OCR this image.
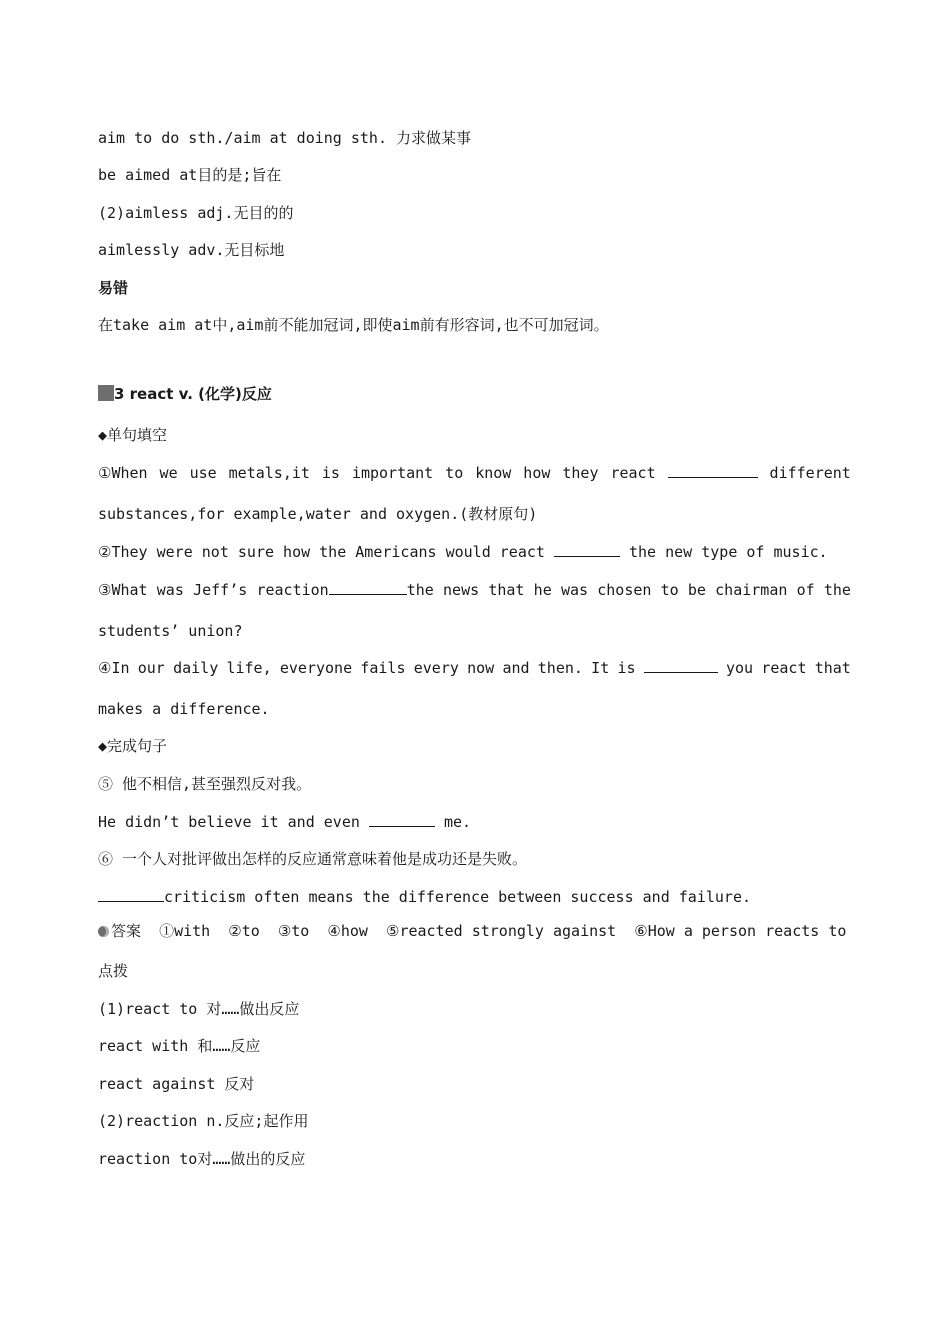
aim to do sth./aim at doing sth. 力求做某事
be aimed at目的是;旨在
(2)aimless adj.无目的的
aimlessly adv.无目标地
易错
在take aim at中,aim前不能加冠词,即使aim前有形容词,也不可加冠词。
3 react v. (化学)反应
◆单句填空
①When we use metals,it is important to know how they react	different
substances,for example,water and oxygen.(教材原句)
②They were not sure how the Americans would react	the new type of music.
③What was Jeff’s reaction	the news that he was chosen to be chairman of the
students’ union?
④In our daily life, everyone fails every now and then. It is	you react that
makes a difference.
◆完成句子
⑤ 他不相信,甚至强烈反对我。
He didn’t believe it and even	me.
⑥ 一个人对批评做出怎样的反应通常意味着他是成功还是失败。
criticism often means the difference between success and failure.
答案 ①with  ②to  ③to  ④how  ⑤reacted strongly against  ⑥How a person reacts to
点拨
(1)react to 对……做出反应
react with 和……反应
react against 反对
(2)reaction n.反应;起作用
reaction to对……做出的反应
